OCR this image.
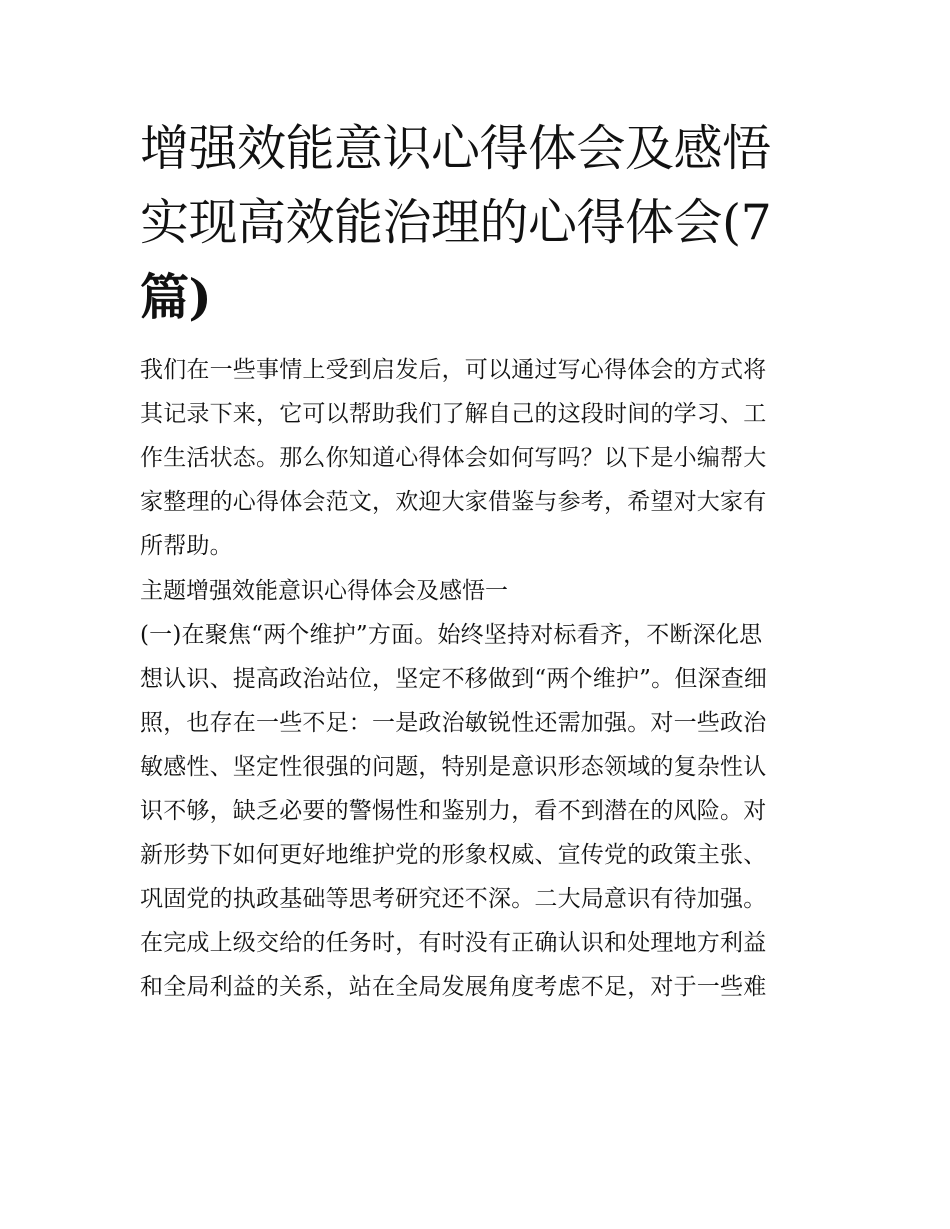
增强效能意识心得体会及感悟
实现高效能治理的心得体会(7
篇)
我们在一些事情上受到启发后，可以通过写心得体会的方式将
其记录下来，它可以帮助我们了解自己的这段时间的学习、工
作生活状态。那么你知道心得体会如何写吗？以下是小编帮大
家整理的心得体会范文，欢迎大家借鉴与参考，希望对大家有
所帮助。
主题增强效能意识心得体会及感悟一
(一)在聚焦“两个维护”方面。始终坚持对标看齐，不断深化思
想认识、提高政治站位，坚定不移做到“两个维护”。但深查细
照，也存在一些不足：一是政治敏锐性还需加强。对一些政治
敏感性、坚定性很强的问题，特别是意识形态领域的复杂性认
识不够，缺乏必要的警惕性和鉴别力，看不到潜在的风险。对
新形势下如何更好地维护党的形象权威、宣传党的政策主张、
巩固党的执政基础等思考研究还不深。二大局意识有待加强。
在完成上级交给的任务时，有时没有正确认识和处理地方利益
和全局利益的关系，站在全局发展角度考虑不足，对于一些难
